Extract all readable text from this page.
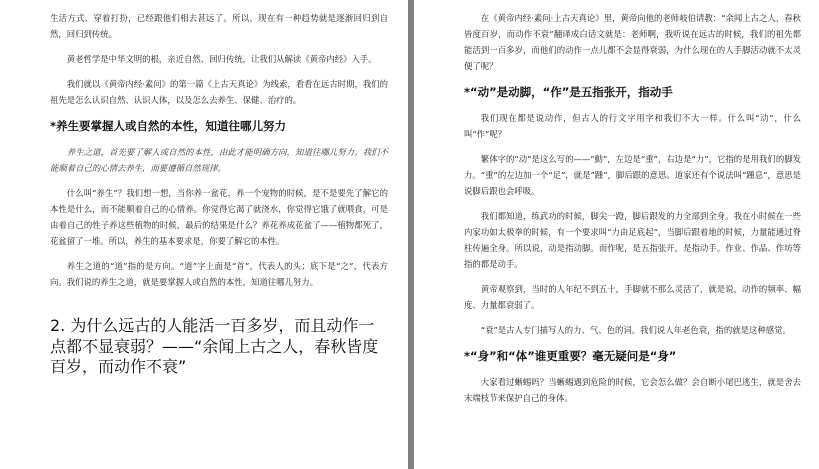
生活方式、穿着打扮，已经跟他们相去甚远了。所以，现在有一种趋势就是逐渐回归到自然，回归到传统。

黄老哲学是中华文明的根，亲近自然、回归传统，让我们从解读《黄帝内经》入手。

我们就以《黄帝内经·素问》的第一篇《上古天真论》为线索，看看在远古时期，我们的祖先是怎么认识自然、认识人体，以及怎么去养生、保健、治疗的。

*养生要掌握人或自然的本性，知道往哪儿努力

养生之道，首先要了解人或自然的本性，由此才能明确方向，知道往哪儿努力。我们不能顺着自己的心情去养生，而要遵循自然规律。

什么叫“养生”？我们想一想，当你养一盆花，养一个宠物的时候，是不是要先了解它的本性是什么，而不能顺着自己的心情养。你觉得它渴了就浇水，你觉得它饿了就喂食，可是由着自己的性子养这些植物的时候，最后的结果是什么？养花养成花盆了——植物都死了，花盆留了一堆。所以，养生的基本要求是，你要了解它的本性。

养生之道的“道”指的是方向。“道”字上面是“首”，代表人的头；底下是“之”，代表方向。我们说的养生之道，就是要掌握人或自然的本性，知道往哪儿努力。

2. 为什么远古的人能活一百多岁，而且动作一点都不显衰弱？——“余闻上古之人，春秋皆度百岁，而动作不衰”

在《黄帝内经·素问·上古天真论》里，黄帝向他的老师岐伯请教：“余闻上古之人，春秋皆度百岁，而动作不衰”翻译成白话文就是：老师啊，我听说在远古的时候，我们的祖先都能活到一百多岁，而他们的动作一点儿都不会显得衰弱，为什么现在的人手脚活动就不太灵便了呢？

*“动”是动脚，“作”是五指张开，指动手

我们现在都是说动作，但古人的行文字用字和我们不大一样。什么叫“动”，什么叫“作”呢？

繁体字的“动”是这么写的——“動”，左边是“重”，右边是“力”，它指的是用我们的脚发力。“重”的左边加一个“足”，就是“踵”，脚后跟的意思。道家还有个说法叫“踵息”，意思是说脚后跟也会呼吸。

我们都知道，练武功的时候，脚尖一蹬，脚后跟发的力全部到全身。我在小时候在一些内家功如太极拳的时候，有一个要求叫“力由足底起”，当脚后跟着地的时候，力量能通过脊柱传遍全身。所以说，动是指动脚。而作呢，是五指张开，是指动手。作业、作品、作坊等指的都是动手。

黄帝观察到，当时的人年纪不到五十，手脚就不那么灵活了，就是说，动作的频率、幅度、力量都衰弱了。

“衰”是古人专门描写人的力、气、色的词。我们说人年老色衰，指的就是这种感觉。

*“身”和“体”谁更重要？毫无疑问是“身”

大家看过蜥蜴吗？当蜥蜴遇到危险的时候，它会怎么做？会自断小尾巴逃生，就是舍去末端枝节来保护自己的身体。
